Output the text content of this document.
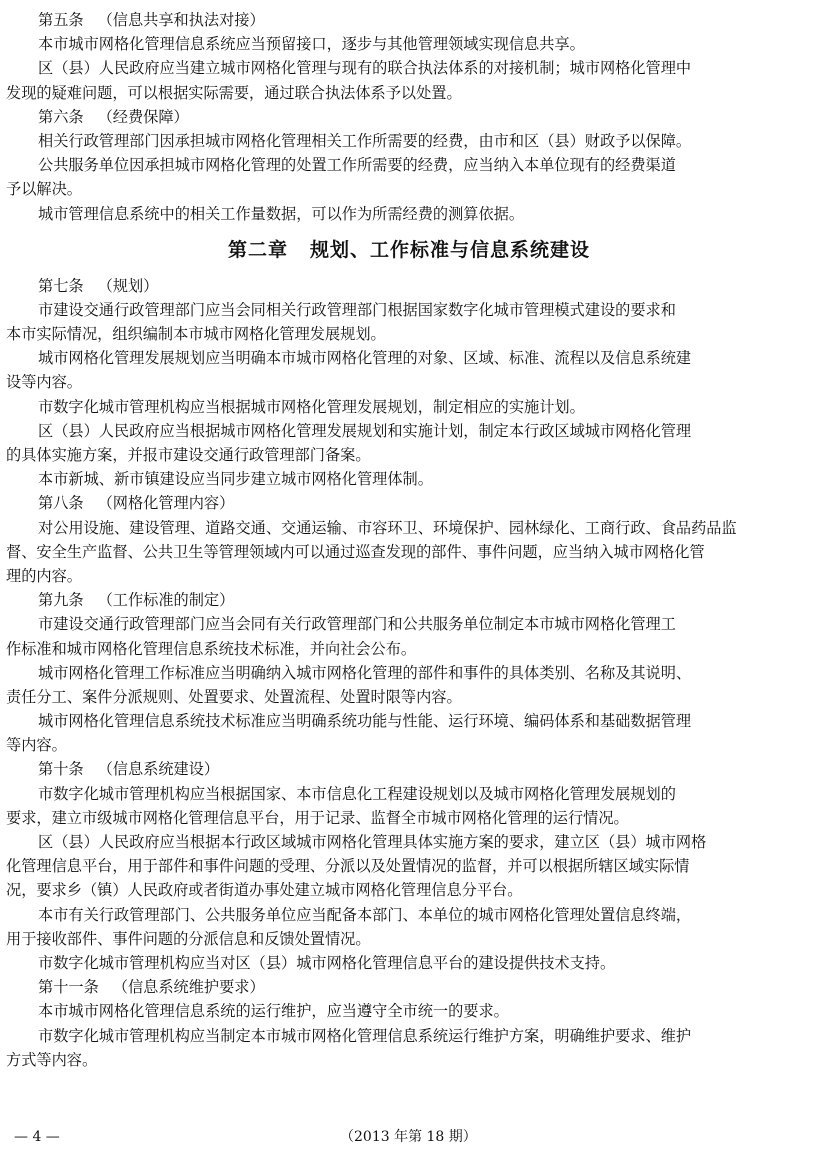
第五条 （信息共享和执法对接）
本市城市网格化管理信息系统应当预留接口，逐步与其他管理领域实现信息共享。
区（县）人民政府应当建立城市网格化管理与现有的联合执法体系的对接机制；城市网格化管理中
发现的疑难问题，可以根据实际需要，通过联合执法体系予以处置。
第六条 （经费保障）
相关行政管理部门因承担城市网格化管理相关工作所需要的经费，由市和区（县）财政予以保障。
公共服务单位因承担城市网格化管理的处置工作所需要的经费，应当纳入本单位现有的经费渠道
予以解决。
城市管理信息系统中的相关工作量数据，可以作为所需经费的测算依据。
第二章 规划、工作标准与信息系统建设
第七条 （规划）
市建设交通行政管理部门应当会同相关行政管理部门根据国家数字化城市管理模式建设的要求和
本市实际情况，组织编制本市城市网格化管理发展规划。
城市网格化管理发展规划应当明确本市城市网格化管理的对象、区域、标准、流程以及信息系统建
设等内容。
市数字化城市管理机构应当根据城市网格化管理发展规划，制定相应的实施计划。
区（县）人民政府应当根据城市网格化管理发展规划和实施计划，制定本行政区域城市网格化管理
的具体实施方案，并报市建设交通行政管理部门备案。
本市新城、新市镇建设应当同步建立城市网格化管理体制。
第八条 （网格化管理内容）
对公用设施、建设管理、道路交通、交通运输、市容环卫、环境保护、园林绿化、工商行政、食品药品监
督、安全生产监督、公共卫生等管理领域内可以通过巡查发现的部件、事件问题，应当纳入城市网格化管
理的内容。
第九条 （工作标准的制定）
市建设交通行政管理部门应当会同有关行政管理部门和公共服务单位制定本市城市网格化管理工
作标准和城市网格化管理信息系统技术标准，并向社会公布。
城市网格化管理工作标准应当明确纳入城市网格化管理的部件和事件的具体类别、名称及其说明、
责任分工、案件分派规则、处置要求、处置流程、处置时限等内容。
城市网格化管理信息系统技术标准应当明确系统功能与性能、运行环境、编码体系和基础数据管理
等内容。
第十条 （信息系统建设）
市数字化城市管理机构应当根据国家、本市信息化工程建设规划以及城市网格化管理发展规划的
要求，建立市级城市网格化管理信息平台，用于记录、监督全市城市网格化管理的运行情况。
区（县）人民政府应当根据本行政区域城市网格化管理具体实施方案的要求，建立区（县）城市网格
化管理信息平台，用于部件和事件问题的受理、分派以及处置情况的监督，并可以根据所辖区域实际情
况，要求乡（镇）人民政府或者街道办事处建立城市网格化管理信息分平台。
本市有关行政管理部门、公共服务单位应当配备本部门、本单位的城市网格化管理处置信息终端，
用于接收部件、事件问题的分派信息和反馈处置情况。
市数字化城市管理机构应当对区（县）城市网格化管理信息平台的建设提供技术支持。
第十一条 （信息系统维护要求）
本市城市网格化管理信息系统的运行维护，应当遵守全市统一的要求。
市数字化城市管理机构应当制定本市城市网格化管理信息系统运行维护方案，明确维护要求、维护
方式等内容。
— 4 —	（2013 年第 18 期）
